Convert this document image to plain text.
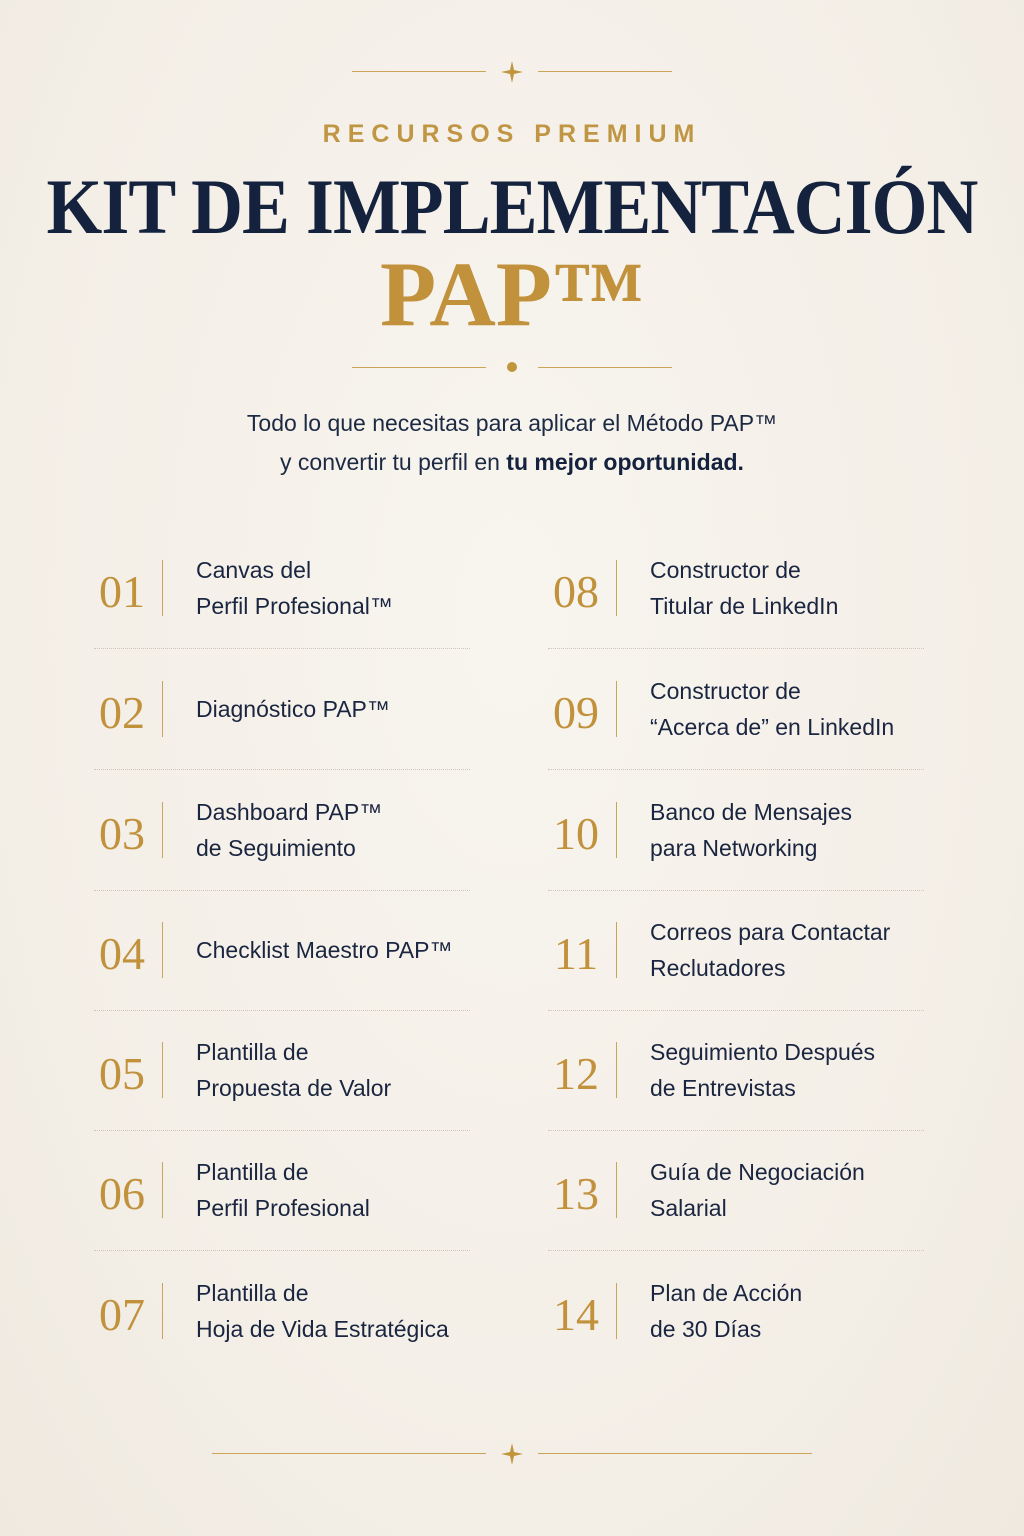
RECURSOS PREMIUM
KIT DE IMPLEMENTACIÓN
PAP™
Todo lo que necesitas para aplicar el Método PAP™
y convertir tu perfil en tu mejor oportunidad.
01 Canvas del
Perfil Profesional™
02 Diagnóstico PAP™
03 Dashboard PAP™
de Seguimiento
04 Checklist Maestro PAP™
05 Plantilla de
Propuesta de Valor
06 Plantilla de
Perfil Profesional
07 Plantilla de
Hoja de Vida Estratégica
08 Constructor de
Titular de LinkedIn
09 Constructor de
“Acerca de” en LinkedIn
10 Banco de Mensajes
para Networking
11 Correos para Contactar
Reclutadores
12 Seguimiento Después
de Entrevistas
13 Guía de Negociación
Salarial
14 Plan de Acción
de 30 Días
